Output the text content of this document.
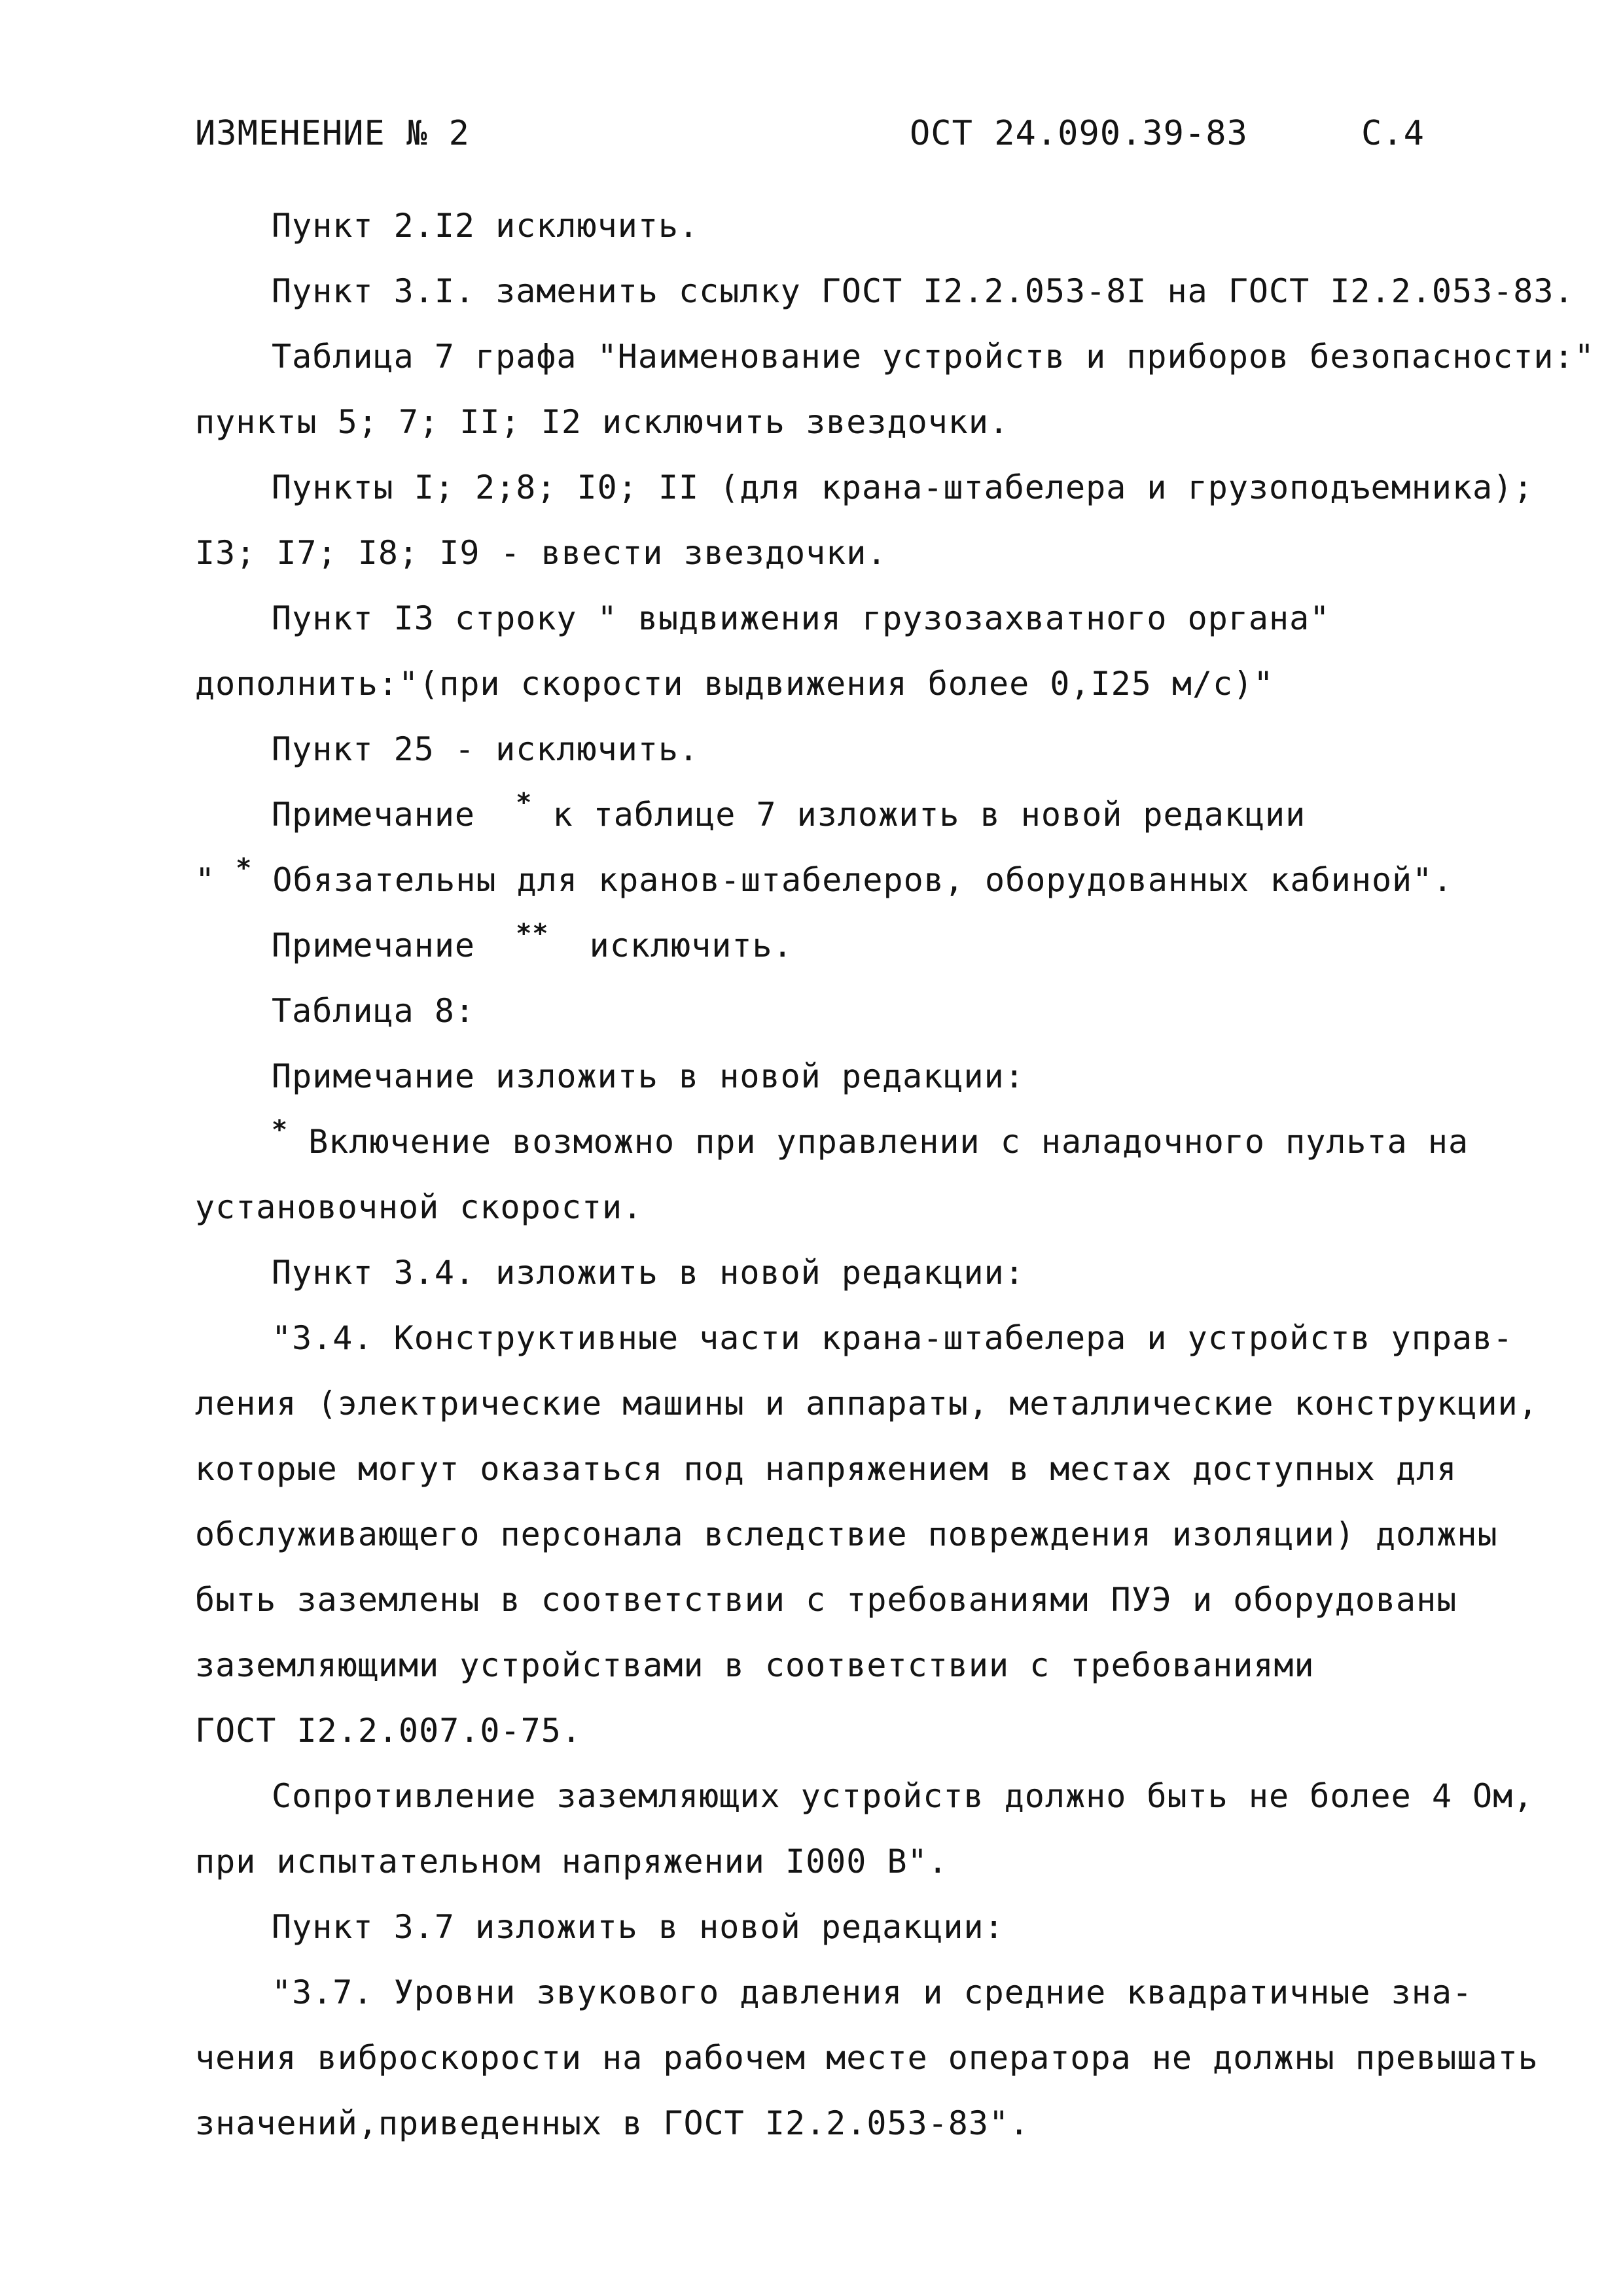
ИЗМЕНЕНИЕ № 2	ОСТ 24.090.39-83	С.4
Пункт 2.I2 исключить.
Пункт 3.I. заменить ссылку ГОСТ I2.2.053-8I на ГОСТ I2.2.053-83.
Таблица 7 графа "Наименование устройств и приборов безопасности:"
пункты 5; 7; II; I2 исключить звездочки.
Пункты I; 2;8; I0; II (для крана-штабелера и грузоподъемника);
I3; I7; I8; I9 - ввести звездочки.
Пункт I3 строку " выдвижения грузозахватного органа"
дополнить:"(при скорости выдвижения более 0,I25 м/с)"
Пункт 25 - исключить.
Примечание * к таблице 7 изложить в новой редакции
" * Обязательны для кранов-штабелеров, оборудованных кабиной".
Примечание ** исключить.
Таблица 8:
Примечание изложить в новой редакции:
* Включение возможно при управлении с наладочного пульта на
установочной скорости.
Пункт 3.4. изложить в новой редакции:
"3.4. Конструктивные части крана-штабелера и устройств управ-
ления (электрические машины и аппараты, металлические конструкции,
которые могут оказаться под напряжением в местах доступных для
обслуживающего персонала вследствие повреждения изоляции) должны
быть заземлены в соответствии с требованиями ПУЭ и оборудованы
заземляющими устройствами в соответствии с требованиями
ГОСТ I2.2.007.0-75.
Сопротивление заземляющих устройств должно быть не более 4 Ом,
при испытательном напряжении I000 В".
Пункт 3.7 изложить в новой редакции:
"3.7. Уровни звукового давления и средние квадратичные зна-
чения виброскорости на рабочем месте оператора не должны превышать
значений,приведенных в ГОСТ I2.2.053-83".
